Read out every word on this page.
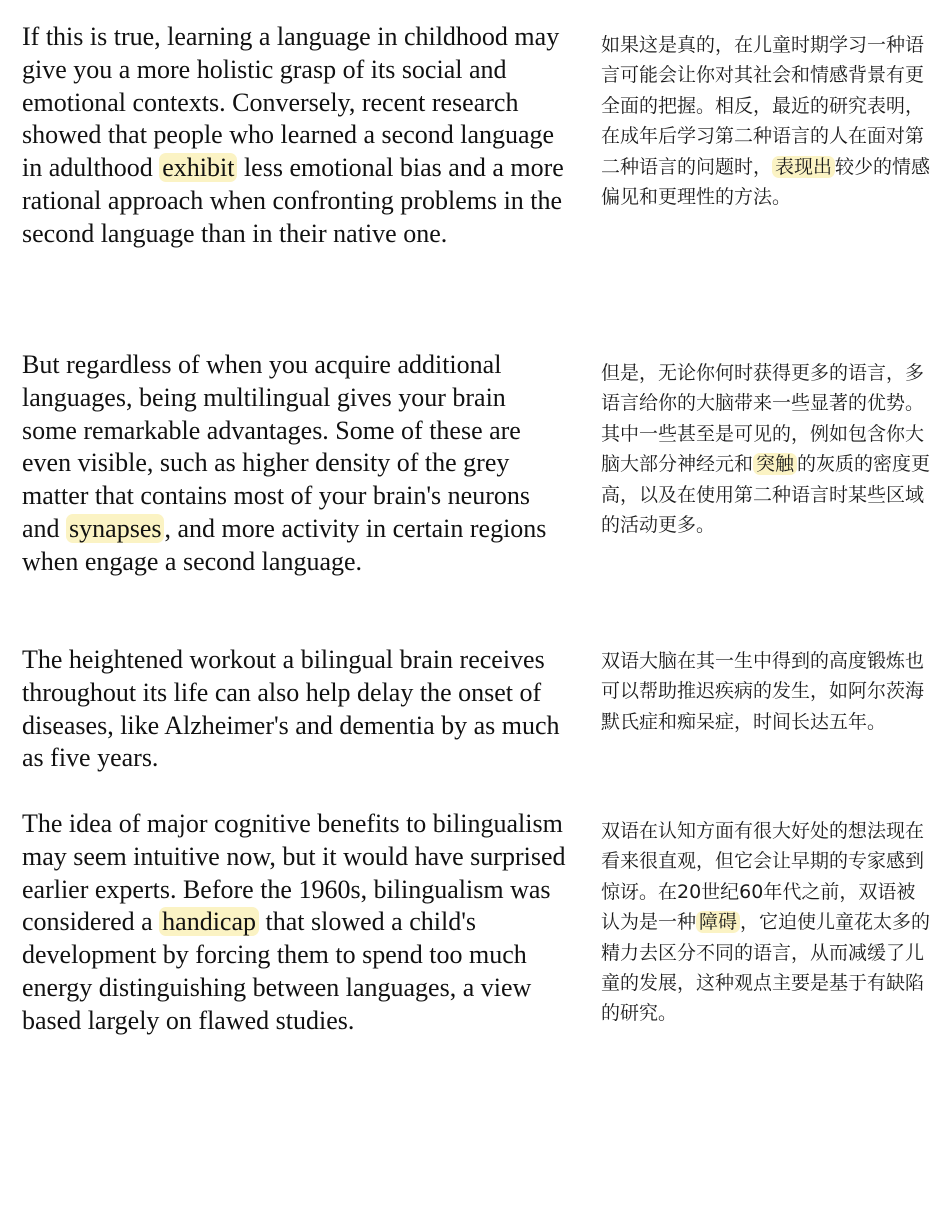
If this is true, learning a language in childhood may give you a more holistic grasp of its social and emotional contexts. Conversely, recent research showed that people who learned a second language in adulthood exhibit less emotional bias and a more rational approach when confronting problems in the second language than in their native one.

如果这是真的，在儿童时期学习一种语言可能会让你对其社会和情感背景有更全面的把握。相反，最近的研究表明，在成年后学习第二种语言的人在面对第二种语言的问题时， 表现出 较少的情感偏见和更理性的方法。

But regardless of when you acquire additional languages, being multilingual gives your brain some remarkable advantages. Some of these are even visible, such as higher density of the grey matter that contains most of your brain's neurons and synapses , and more activity in certain regions when engage a second language.

但是，无论你何时获得更多的语言，多语言给你的大脑带来一些显著的优势。其中一些甚至是可见的，例如包含你大脑大部分神经元和 突触 的灰质的密度更高，以及在使用第二种语言时某些区域的活动更多。

The heightened workout a bilingual brain receives throughout its life can also help delay the onset of diseases, like Alzheimer's and dementia by as much as five years.

双语大脑在其一生中得到的高度锻炼也可以帮助推迟疾病的发生，如阿尔茨海默氏症和痴呆症，时间长达五年。

The idea of major cognitive benefits to bilingualism may seem intuitive now, but it would have surprised earlier experts. Before the 1960s, bilingualism was considered a handicap that slowed a child's development by forcing them to spend too much energy distinguishing between languages, a view based largely on flawed studies.

双语在认知方面有很大好处的想法现在看来很直观，但它会让早期的专家感到惊讶。在20世纪60年代之前，双语被认为是一种 障碍 ，它迫使儿童花太多的精力去区分不同的语言，从而减缓了儿童的发展，这种观点主要是基于有缺陷的研究。
